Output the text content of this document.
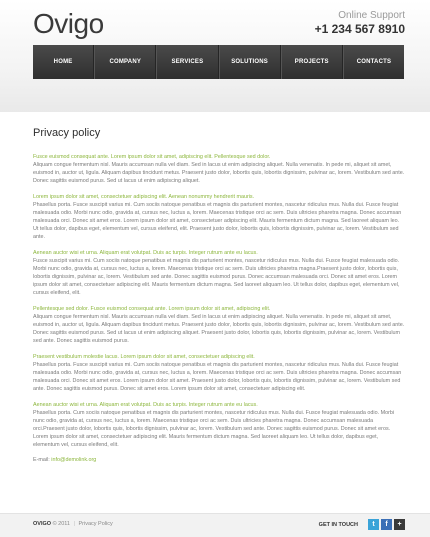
Ovigo	Online Support
+1 234 567 8910
HOME	COMPANY	SERVICES	SOLUTIONS	PROJECTS	CONTACTS
Privacy policy

Fusce euismod consequat ante. Lorem ipsum dolor sit amet, adipiscing elit. Pellentesque sed dolor.

Aliquam congue fermentum nisl. Mauris accumsan nulla vel diam. Sed in lacus ut enim adipiscing aliquet. Nulla venenatis. In pede mi, aliquet sit amet, euismod in, auctor ut, ligula. Aliquam dapibus tincidunt metus. Praesent justo dolor, lobortis quis, lobortis dignissim, pulvinar ac, lorem. Vestibulum sed ante. Donec sagittis euismod purus. Sed ut lacus ut enim adipiscing aliquet.

Lorem ipsum dolor sit amet, consectetuer adipiscing elit. Aenean nonummy hendrerit mauris.

Phasellus porta. Fusce suscipit varius mi. Cum sociis natoque penatibus et magnis dis parturient montes, nascetur ridiculus mus. Nulla dui. Fusce feugiat malesuada odio. Morbi nunc odio, gravida at, cursus nec, luctus a, lorem. Maecenas tristique orci ac sem. Duis ultricies pharetra magna. Donec accumsan malesuada orci. Donec sit amet eros. Lorem ipsum dolor sit amet, consectetuer adipiscing elit. Mauris fermentum dictum magna. Sed laoreet aliquam leo. Ut tellus dolor, dapibus eget, elementum vel, cursus eleifend, elit. Praesent justo dolor, lobortis quis, lobortis dignissim, pulvinar ac, lorem. Vestibulum sed ante.

Aenean auctor wisi et urna. Aliquam erat volutpat. Duis ac turpis. Integer rutrum ante eu lacus.

Fusce suscipit varius mi. Cum sociis natoque penatibus et magnis dis parturient montes, nascetur ridiculus mus. Nulla dui. Fusce feugiat malesuada odio. Morbi nunc odio, gravida at, cursus nec, luctus a, lorem. Maecenas tristique orci ac sem. Duis ultricies pharetra magna.Praesent justo dolor, lobortis quis, lobortis dignissim, pulvinar ac, lorem. Vestibulum sed ante. Donec sagittis euismod purus. Donec accumsan malesuada orci. Donec sit amet eros. Lorem ipsum dolor sit amet, consectetuer adipiscing elit. Mauris fermentum dictum magna. Sed laoreet aliquam leo. Ut tellus dolor, dapibus eget, elementum vel, cursus eleifend, elit.

Pellentesque sed dolor. Fusce euismod consequat ante. Lorem ipsum dolor sit amet, adipiscing elit.

Aliquam congue fermentum nisl. Mauris accumsan nulla vel diam. Sed in lacus ut enim adipiscing aliquet. Nulla venenatis. In pede mi, aliquet sit amet, euismod in, auctor ut, ligula. Aliquam dapibus tincidunt metus. Praesent justo dolor, lobortis quis, lobortis dignissim, pulvinar ac, lorem. Vestibulum sed ante. Donec sagittis euismod purus. Sed ut lacus ut enim adipiscing aliquet. Praesent justo dolor, lobortis quis, lobortis dignissim, pulvinar ac, lorem. Vestibulum sed ante. Donec sagittis euismod purus.

Praesent vestibulum molestie lacus. Lorem ipsum dolor sit amet, consectetuer adipiscing elit.

Phasellus porta. Fusce suscipit varius mi. Cum sociis natoque penatibus et magnis dis parturient montes, nascetur ridiculus mus. Nulla dui. Fusce feugiat malesuada odio. Morbi nunc odio, gravida at, cursus nec, luctus a, lorem. Maecenas tristique orci ac sem. Duis ultricies pharetra magna. Donec accumsan malesuada orci. Donec sit amet eros. Lorem ipsum dolor sit amet. Praesent justo dolor, lobortis quis, lobortis dignissim, pulvinar ac, lorem. Vestibulum sed ante. Donec sagittis euismod purus. Donec sit amet eros. Lorem ipsum dolor sit amet, consectetuer adipiscing elit.

Aenean auctor wisi et urna. Aliquam erat volutpat. Duis ac turpis. Integer rutrum ante eu lacus.

Phasellus porta. Cum sociis natoque penatibus et magnis dis parturient montes, nascetur ridiculus mus. Nulla dui. Fusce feugiat malesuada odio. Morbi nunc odio, gravida at, cursus nec, luctus a, lorem. Maecenas tristique orci ac sem. Duis ultricies pharetra magna. Donec accumsan malesuada orci.Praesent justo dolor, lobortis quis, lobortis dignissim, pulvinar ac, lorem. Vestibulum sed ante. Donec sagittis euismod purus. Donec sit amet eros. Lorem ipsum dolor sit amet, consectetuer adipiscing elit. Mauris fermentum dictum magna. Sed laoreet aliquam leo. Ut tellus dolor, dapibus eget, elementum vel, cursus eleifend, elit.

E-mail: info@demolink.org
OVIGO © 2011 | Privacy Policy	GET IN TOUCH	t	f	+
